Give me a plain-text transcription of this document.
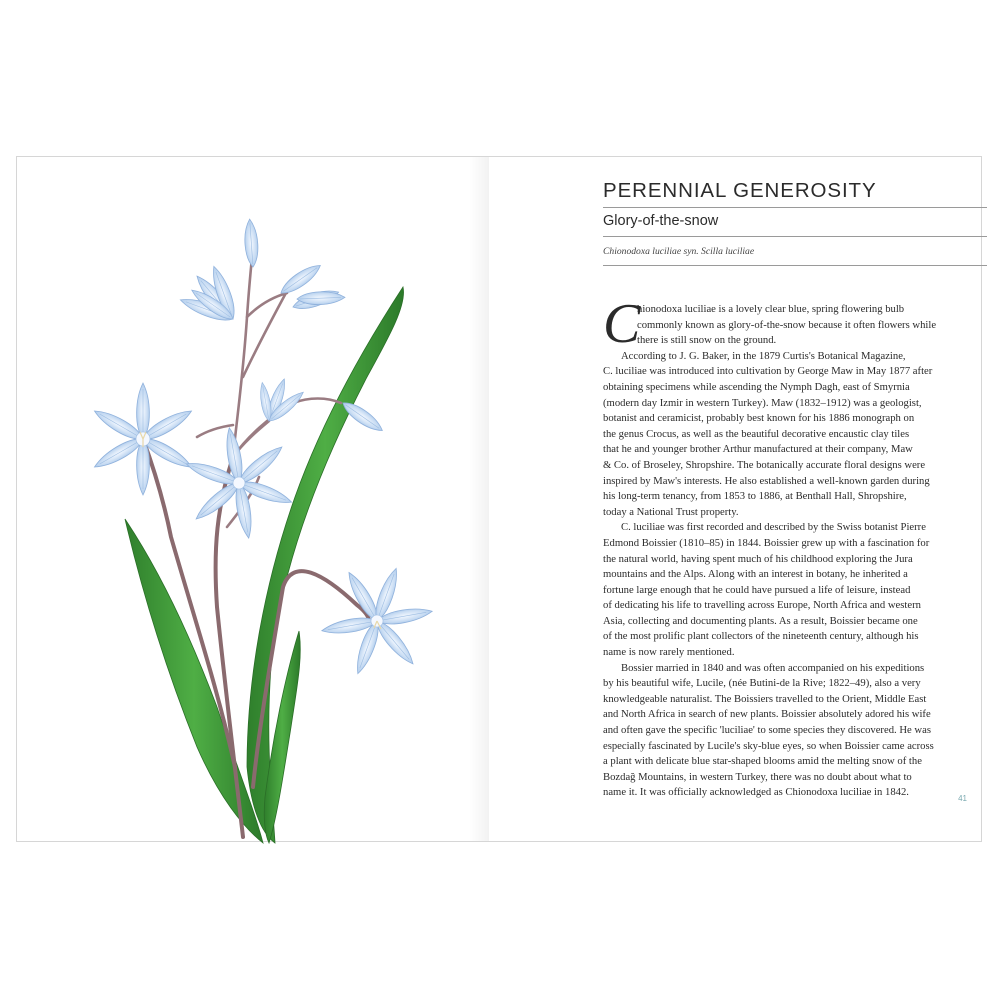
PERENNIAL GENEROSITY
Glory-of-the-snow
Chionodoxa luciliae syn. Scilla luciliae
C
hionodoxa luciliae is a lovely clear blue, spring flowering bulb
commonly known as glory-of-the-snow because it often flowers while
there is still snow on the ground.
According to J. G. Baker, in the 1879 Curtis's Botanical Magazine,
C. luciliae was introduced into cultivation by George Maw in May 1877 after
obtaining specimens while ascending the Nymph Dagh, east of Smyrnia
(modern day Izmir in western Turkey). Maw (1832–1912) was a geologist,
botanist and ceramicist, probably best known for his 1886 monograph on
the genus Crocus, as well as the beautiful decorative encaustic clay tiles
that he and younger brother Arthur manufactured at their company, Maw
& Co. of Broseley, Shropshire. The botanically accurate floral designs were
inspired by Maw's interests. He also established a well-known garden during
his long-term tenancy, from 1853 to 1886, at Benthall Hall, Shropshire,
today a National Trust property.
C. luciliae was first recorded and described by the Swiss botanist Pierre
Edmond Boissier (1810–85) in 1844. Boissier grew up with a fascination for
the natural world, having spent much of his childhood exploring the Jura
mountains and the Alps. Along with an interest in botany, he inherited a
fortune large enough that he could have pursued a life of leisure, instead
of dedicating his life to travelling across Europe, North Africa and western
Asia, collecting and documenting plants. As a result, Boissier became one
of the most prolific plant collectors of the nineteenth century, although his
name is now rarely mentioned.
Bossier married in 1840 and was often accompanied on his expeditions
by his beautiful wife, Lucile, (née Butini-de la Rive; 1822–49), also a very
knowledgeable naturalist. The Boissiers travelled to the Orient, Middle East
and North Africa in search of new plants. Boissier absolutely adored his wife
and often gave the specific 'luciliae' to some species they discovered. He was
especially fascinated by Lucile's sky-blue eyes, so when Boissier came across
a plant with delicate blue star-shaped blooms amid the melting snow of the
Bozdağ Mountains, in western Turkey, there was no doubt about what to
name it. It was officially acknowledged as Chionodoxa luciliae in 1842.
41
